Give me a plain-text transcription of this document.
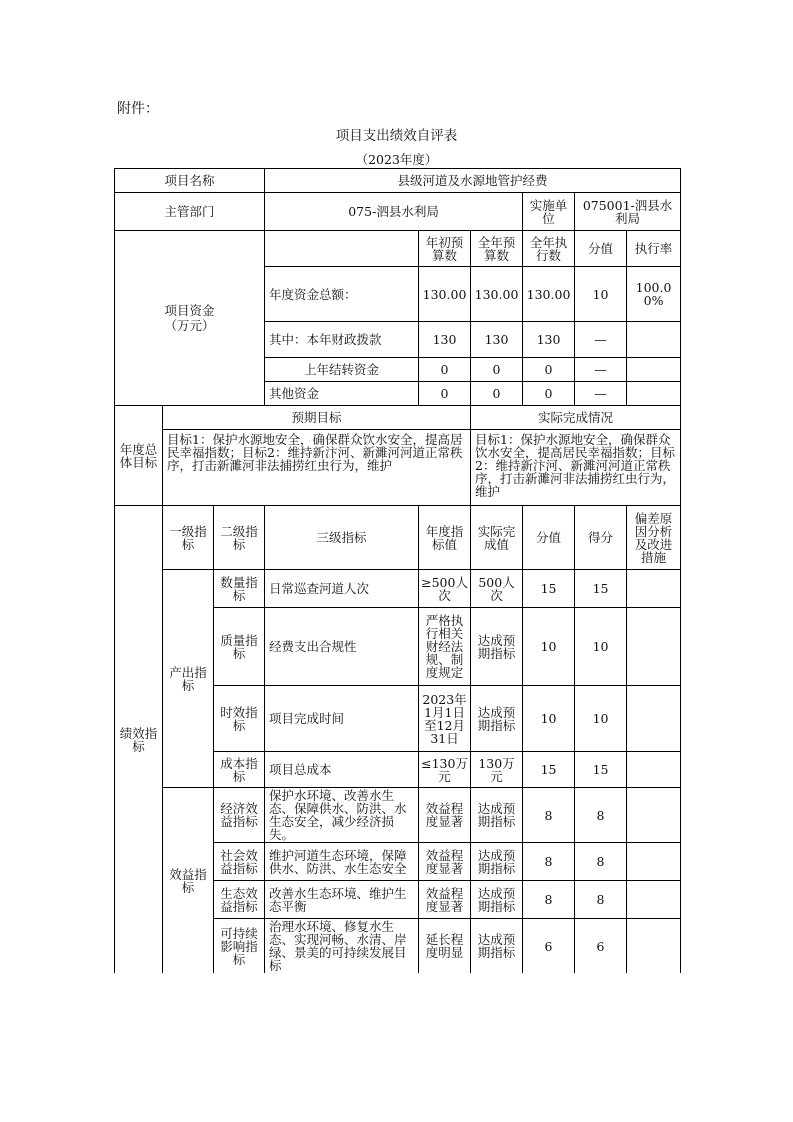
附件：
项目支出绩效自评表
（2023年度）
项目名称			县级河道及水源地管护经费						
主管部门			075-泗县水利局			实施单位	075001-泗县水利局		
项目资金
（万元）				年初预算数	全年预算数	全年执行数	分值	执行率	
			年度资金总额：	130.00	130.00	130.00	10	100.00%	
			其中：本年财政拨款	130	130	130	—		
			上年结转资金	0	0	0	—		
			其他资金	0	0	0	—		
年度总体目标	预期目标				实际完成情况				
	目标1：保护水源地安全，确保群众饮水安全，提高居民幸福指数；目标2：维持新汴河、新濉河河道正常秩序，打击新濉河非法捕捞红虫行为，维护				目标1：保护水源地安全，确保群众饮水安全，提高居民幸福指数；目标2：维持新汴河、新濉河河道正常秩序，打击新濉河非法捕捞红虫行为，维护				
绩效指标	一级指标	二级指标	三级指标	年度指标值	实际完成值	分值	得分	偏差原因分析及改进措施	
	产出指标	数量指标	日常巡查河道人次	≥500人次	500人次	15	15		
		质量指标	经费支出合规性	严格执行相关财经法规、制度规定	达成预期指标	10	10		
		时效指标	项目完成时间	2023年1月1日至12月31日	达成预期指标	10	10		
		成本指标	项目总成本	≤130万元	130万元	15	15		
	效益指标	经济效益指标	保护水环境、改善水生态、保障供水、防洪、水生态安全，减少经济损失。	效益程度显著	达成预期指标	8	8		
		社会效益指标	维护河道生态环境，保障供水、防洪、水生态安全	效益程度显著	达成预期指标	8	8		
		生态效益指标	改善水生态环境、维护生态平衡	效益程度显著	达成预期指标	8	8		
		可持续影响指标	治理水环境、修复水生态、实现河畅、水清、岸绿、景美的可持续发展目标	延长程度明显	达成预期指标	6	6		
